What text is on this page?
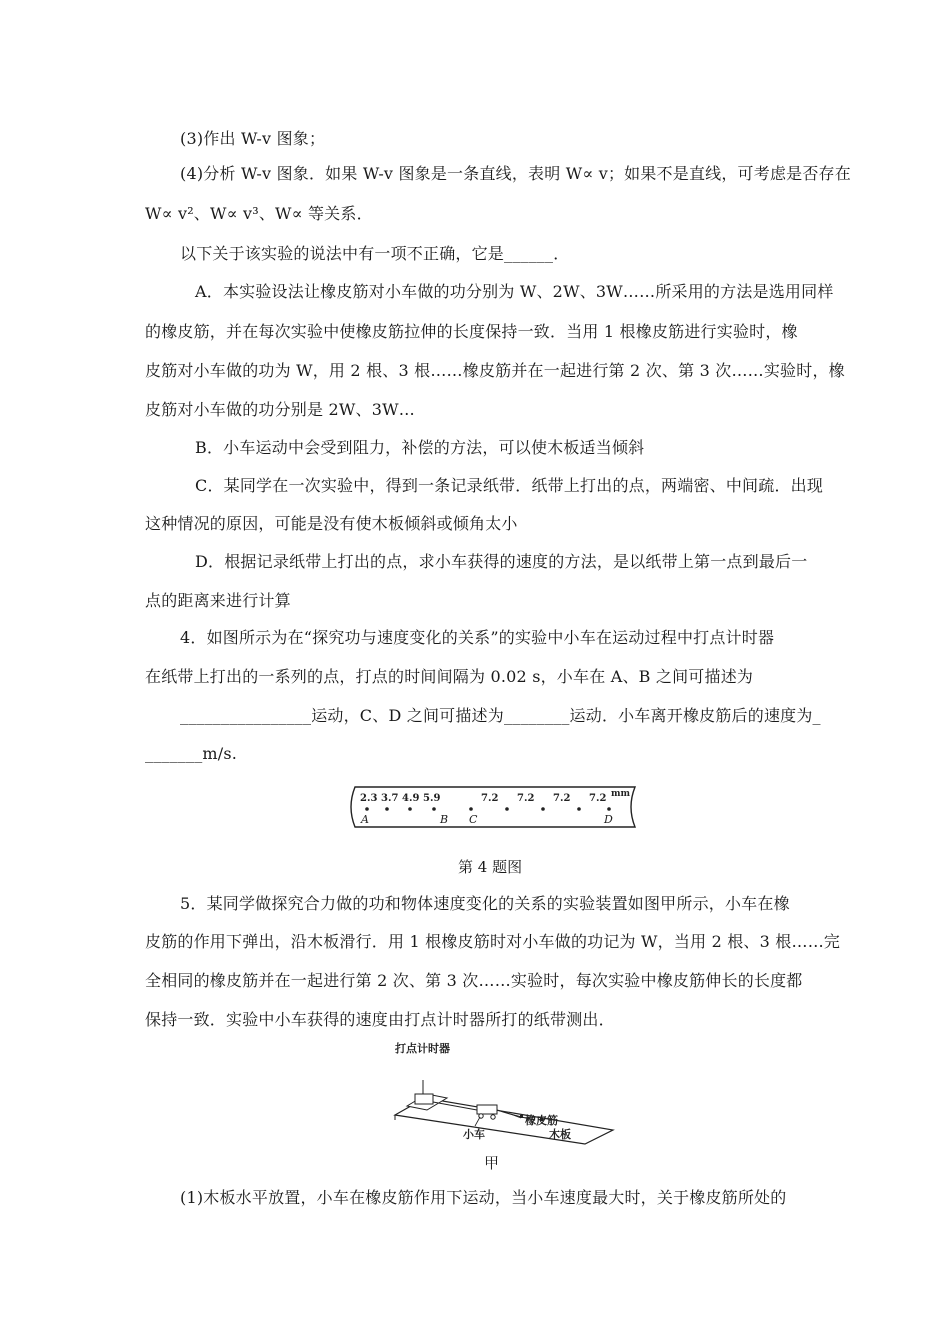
(3)作出 W-v 图象；
(4)分析 W-v 图象．如果 W-v 图象是一条直线，表明 W∝ v；如果不是直线，可考虑是否存在
W∝ v²、W∝ v³、W∝ 等关系．
以下关于该实验的说法中有一项不正确，它是______．
A．本实验设法让橡皮筋对小车做的功分别为 W、2W、3W……所采用的方法是选用同样
的橡皮筋，并在每次实验中使橡皮筋拉伸的长度保持一致．当用 1 根橡皮筋进行实验时，橡
皮筋对小车做的功为 W，用 2 根、3 根……橡皮筋并在一起进行第 2 次、第 3 次……实验时，橡
皮筋对小车做的功分别是 2W、3W…
B．小车运动中会受到阻力，补偿的方法，可以使木板适当倾斜
C．某同学在一次实验中，得到一条记录纸带．纸带上打出的点，两端密、中间疏．出现
这种情况的原因，可能是没有使木板倾斜或倾角太小
D．根据记录纸带上打出的点，求小车获得的速度的方法，是以纸带上第一点到最后一
点的距离来进行计算
4．如图所示为在“探究功与速度变化的关系”的实验中小车在运动过程中打点计时器
在纸带上打出的一系列的点，打点的时间间隔为 0.02 s，小车在 A、B 之间可描述为
________________运动，C、D 之间可描述为________运动．小车离开橡皮筋后的速度为_
_______m/s.
2.3 3.7 4.9 5.9	7.2 7.2 7.2 7.2 mm
A	B C	D
第 4 题图
5．某同学做探究合力做的功和物体速度变化的关系的实验装置如图甲所示，小车在橡
皮筋的作用下弹出，沿木板滑行．用 1 根橡皮筋时对小车做的功记为 W，当用 2 根、3 根……完
全相同的橡皮筋并在一起进行第 2 次、第 3 次……实验时，每次实验中橡皮筋伸长的长度都
保持一致．实验中小车获得的速度由打点计时器所打的纸带测出．
打点计时器
小车
橡皮筋
木板
甲
(1)木板水平放置，小车在橡皮筋作用下运动，当小车速度最大时，关于橡皮筋所处的
